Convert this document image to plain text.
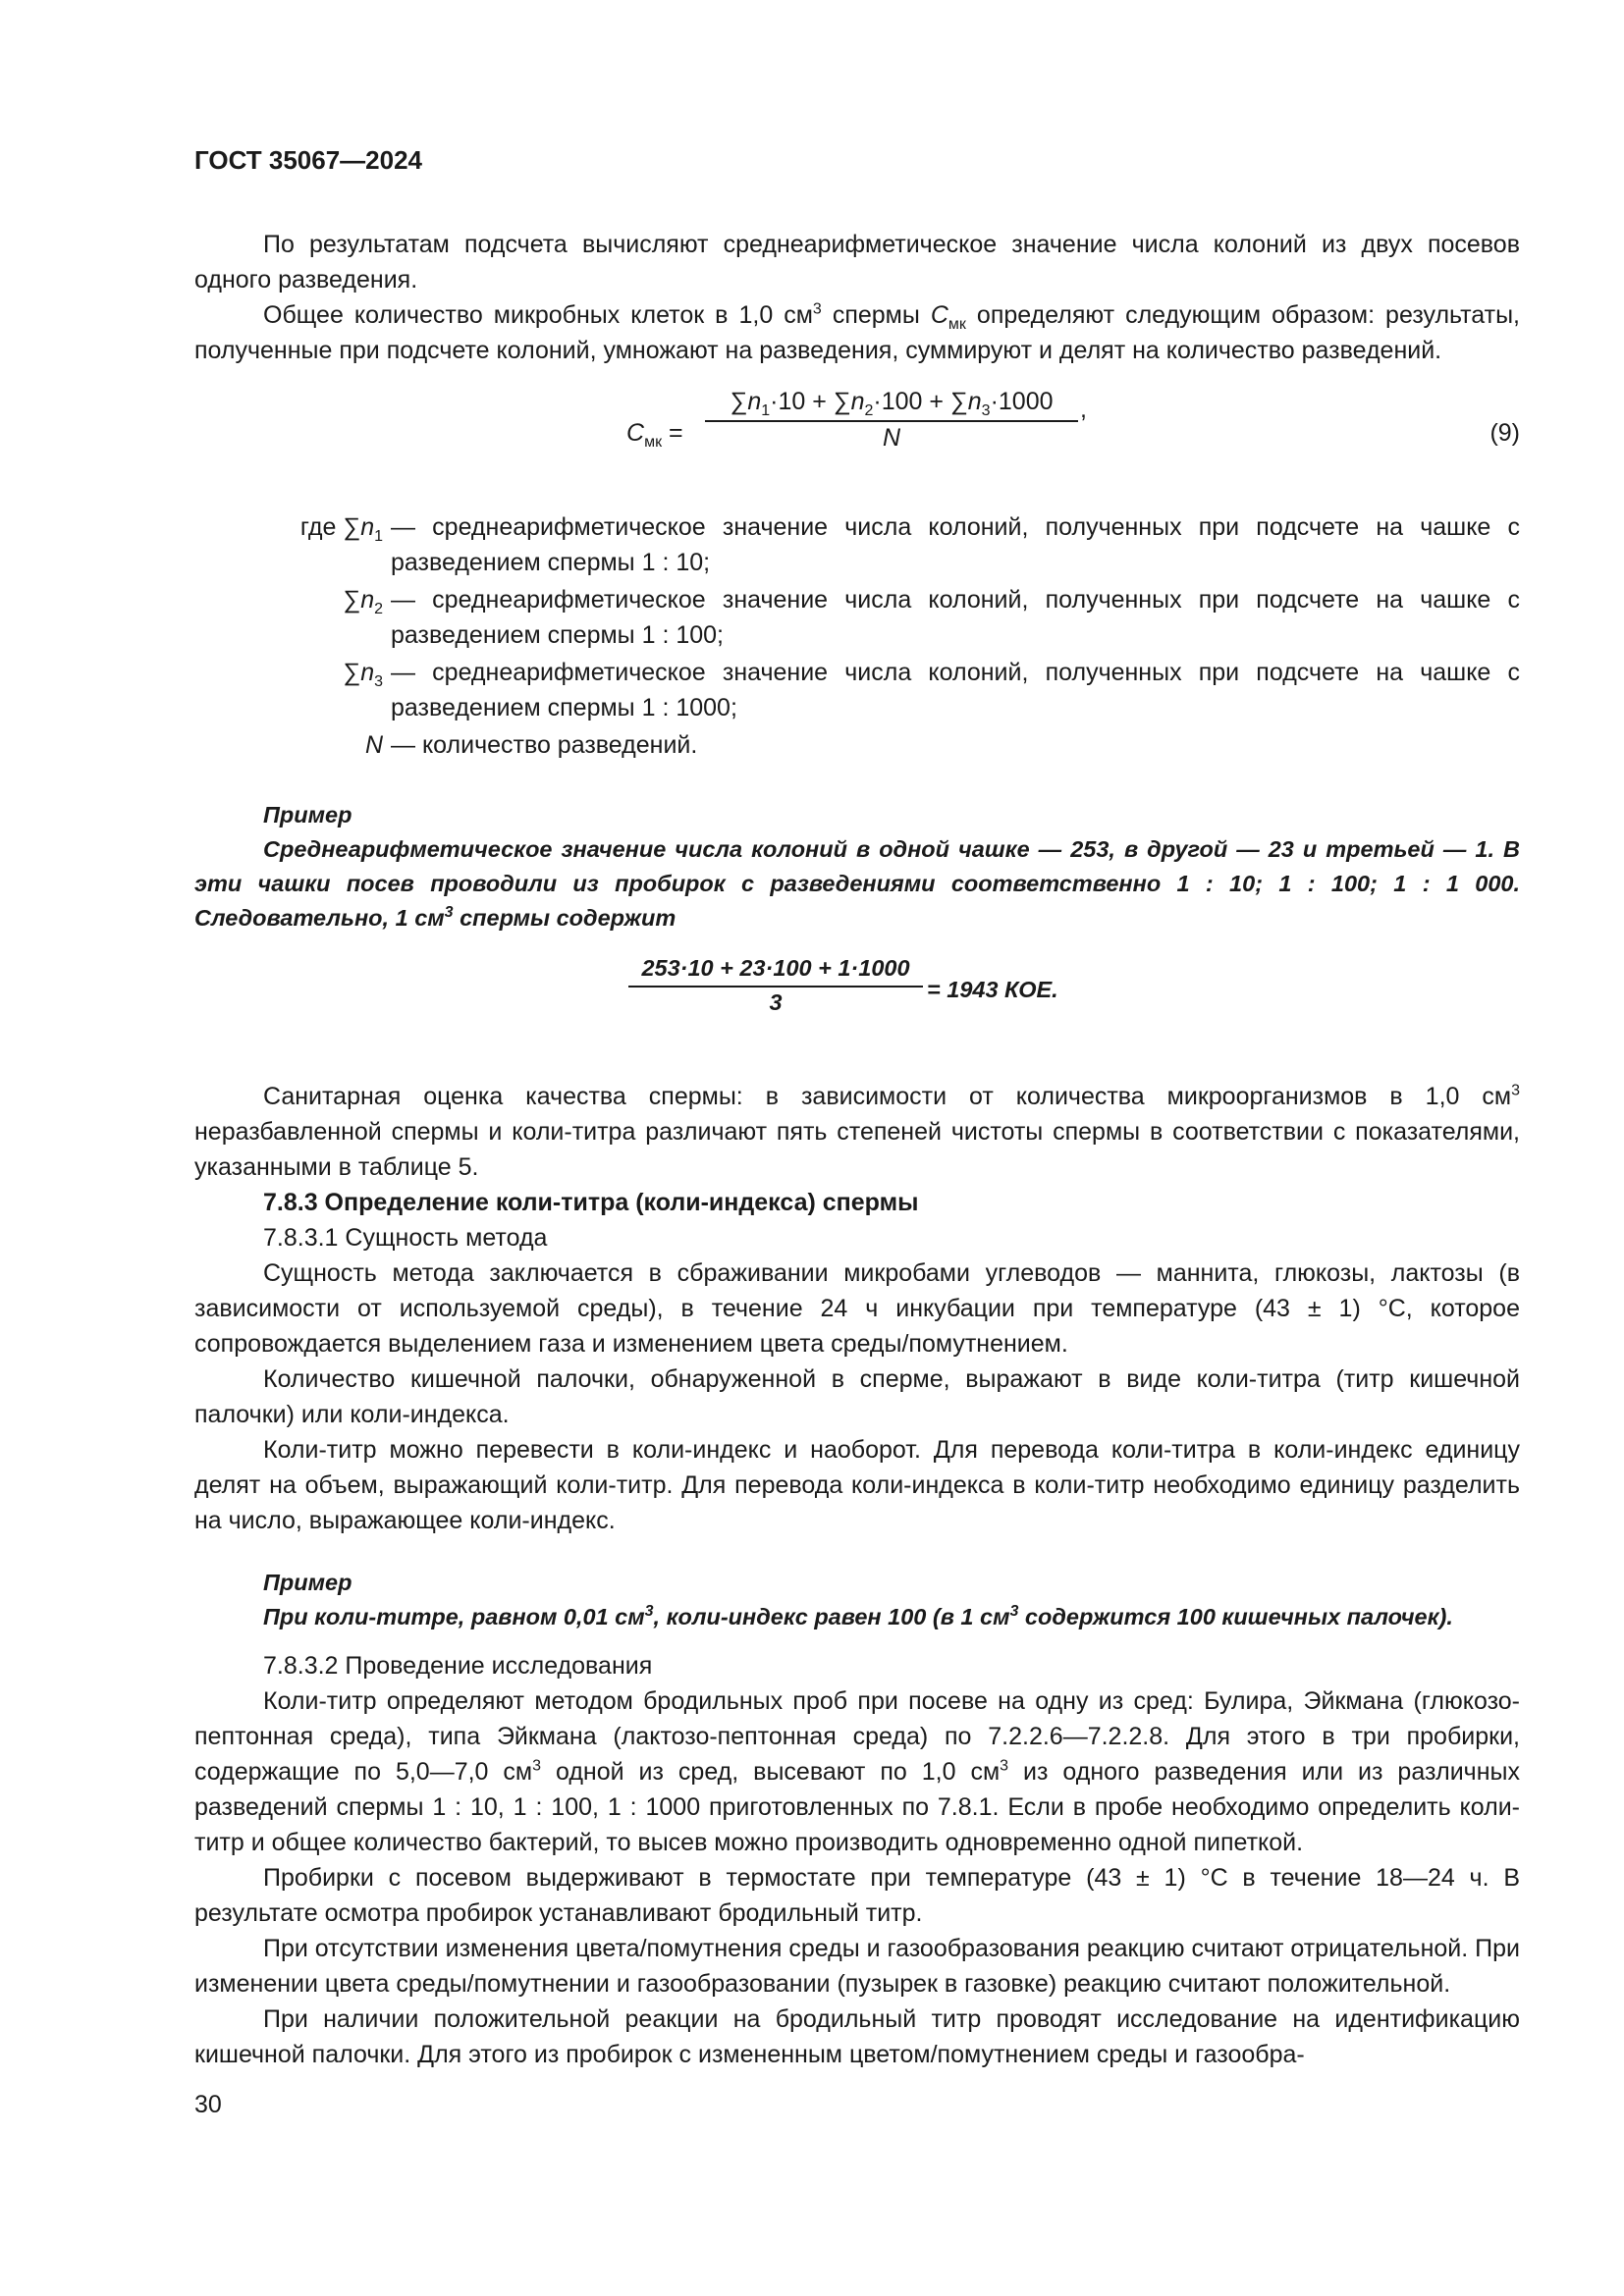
ГОСТ 35067—2024

По результатам подсчета вычисляют среднеарифметическое значение числа колоний из двух посевов одного разведения.

Общее количество микробных клеток в 1,0 $см^3$ спермы $C_{мк}$ определяют следующим образом: результаты, полученные при подсчете колоний, умножают на разведения, суммируют и делят на количество разведений.

$C_{мк}$ =
$\sum n_1\cdot 10 + \sum n_2\cdot 100 + \sum n_3\cdot 1000$
N
,
(9)
где $\sum n_1$ — среднеарифметическое значение числа колоний, полученных при подсчете на чашке с разведением спермы 1 : 10;
$\sum n_2$ — среднеарифметическое значение числа колоний, полученных при подсчете на чашке с разведением спермы 1 : 100;
$\sum n_3$ — среднеарифметическое значение числа колоний, полученных при подсчете на чашке с разведением спермы 1 : 1000;
N — количество разведений.

Пример

Среднеарифметическое значение числа колоний в одной чашке — 253, в другой — 23 и третьей — 1. В эти чашки посев проводили из пробирок с разведениями соответственно 1 : 10; 1 : 100; 1 : 1 000. Следовательно, 1 $см^3$ спермы содержит

253·10 + 23·100 + 1·1000
3	= 1943 КОЕ.

Санитарная оценка качества спермы: в зависимости от количества микроорганизмов в 1,0 $см^3$ неразбавленной спермы и коли-титра различают пять степеней чистоты спермы в соответствии с показателями, указанными в таблице 5.

7.8.3 Определение коли-титра (коли-индекса) спермы

7.8.3.1 Сущность метода

Сущность метода заключается в сбраживании микробами углеводов — маннита, глюкозы, лактозы (в зависимости от используемой среды), в течение 24 ч инкубации при температуре (43 ± 1) °С, которое сопровождается выделением газа и изменением цвета среды/помутнением.

Количество кишечной палочки, обнаруженной в сперме, выражают в виде коли-титра (титр кишечной палочки) или коли-индекса.

Коли-титр можно перевести в коли-индекс и наоборот. Для перевода коли-титра в коли-индекс единицу делят на объем, выражающий коли-титр. Для перевода коли-индекса в коли-титр необходимо единицу разделить на число, выражающее коли-индекс.

Пример

При коли-титре, равном 0,01 $см^3$, коли-индекс равен 100 (в 1 $см^3$ содержится 100 кишечных палочек).

7.8.3.2 Проведение исследования

Коли-титр определяют методом бродильных проб при посеве на одну из сред: Булира, Эйкмана (глюкозо-пептонная среда), типа Эйкмана (лактозо-пептонная среда) по 7.2.2.6—7.2.2.8. Для этого в три пробирки, содержащие по 5,0—7,0 $см^3$ одной из сред, высевают по 1,0 $см^3$ из одного разведения или из различных разведений спермы 1 : 10, 1 : 100, 1 : 1000 приготовленных по 7.8.1. Если в пробе необходимо определить коли-титр и общее количество бактерий, то высев можно производить одновременно одной пипеткой.

Пробирки с посевом выдерживают в термостате при температуре (43 ± 1) °С в течение 18—24 ч. В результате осмотра пробирок устанавливают бродильный титр.

При отсутствии изменения цвета/помутнения среды и газообразования реакцию считают отрицательной. При изменении цвета среды/помутнении и газообразовании (пузырек в газовке) реакцию считают положительной.

При наличии положительной реакции на бродильный титр проводят исследование на идентификацию кишечной палочки. Для этого из пробирок с измененным цветом/помутнением среды и газообра-

30
